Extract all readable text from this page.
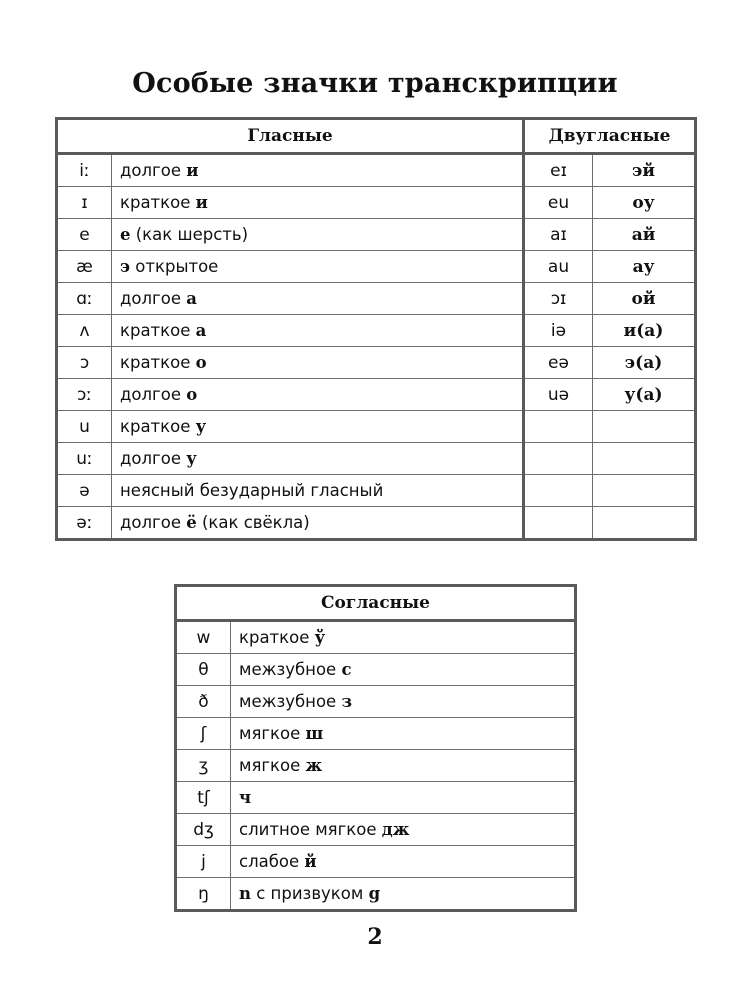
Особые значки транскрипции
Гласные		Двугласные	
iː	долгое и	eɪ	эй
ɪ	краткое и	eu	оу
e	е (как шерсть)	aɪ	ай
æ	э открытое	au	ау
ɑː	долгое а	ɔɪ	ой
ʌ	краткое а	iə	и(а)
ɔ	краткое о	eə	э(а)
ɔː	долгое о	uə	у(а)
u	краткое у		
uː	долгое у		
ə	неясный безударный гласный		
əː	долгое ё (как свёкла)		
Согласные	
w	краткое ў
θ	межзубное с
ð	межзубное з
ʃ	мягкое ш
ʒ	мягкое ж
tʃ	ч
dʒ	слитное мягкое дж
j	слабое й
ŋ	n с призвуком g
2
